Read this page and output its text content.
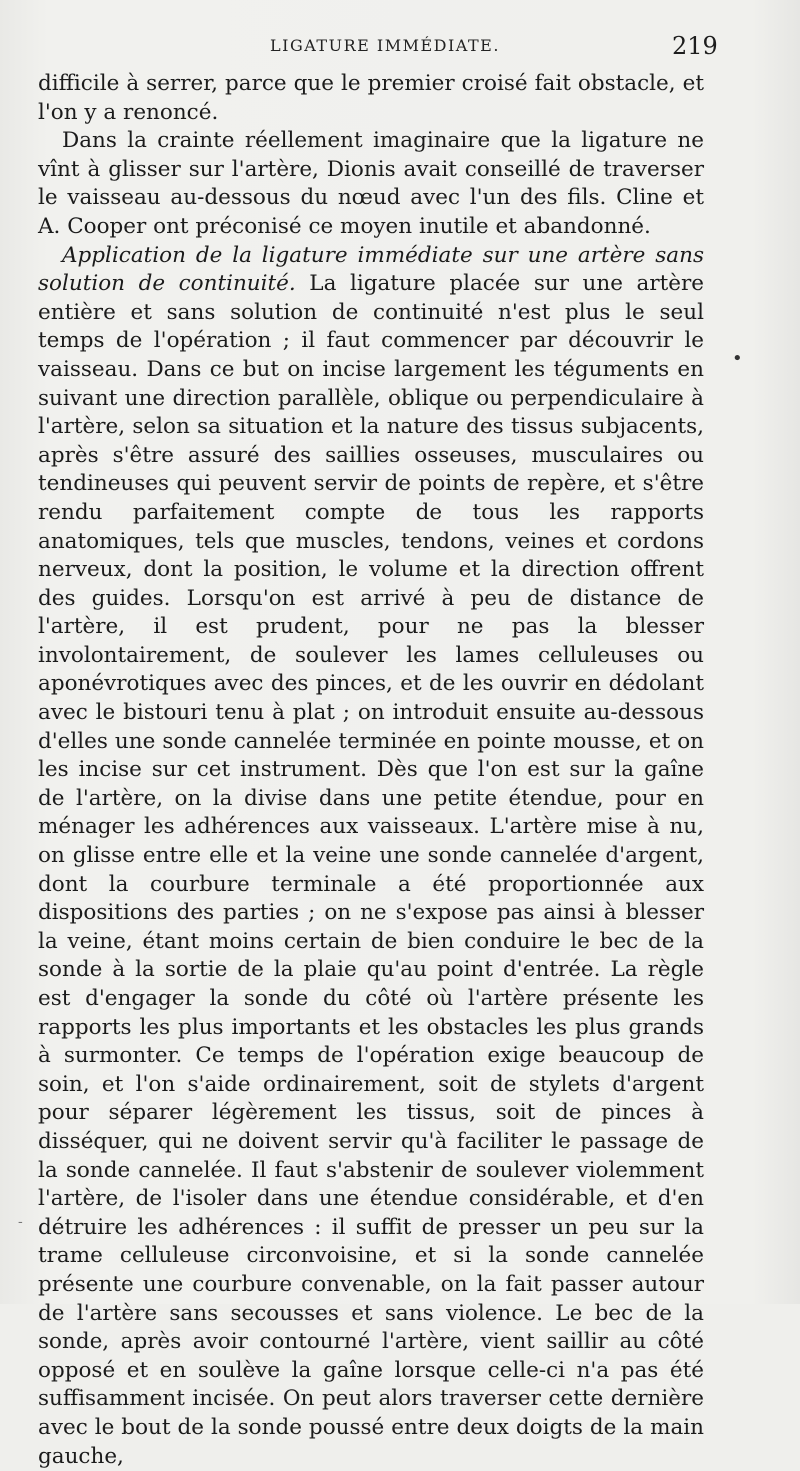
LIGATURE IMMÉDIATE.	219

difficile à serrer, parce que le premier croisé fait obstacle, et l'on y a renoncé.

Dans la crainte réellement imaginaire que la ligature ne vînt à glisser sur l'artère, Dionis avait conseillé de traverser le vaisseau au-dessous du nœud avec l'un des fils. Cline et A. Cooper ont préconisé ce moyen inutile et abandonné.

Application de la ligature immédiate sur une artère sans solution de continuité. La ligature placée sur une artère entière et sans solution de continuité n'est plus le seul temps de l'opération ; il faut commencer par découvrir le vaisseau. Dans ce but on incise largement les téguments en suivant une direction parallèle, oblique ou perpendiculaire à l'artère, selon sa situation et la nature des tissus subjacents, après s'être assuré des saillies osseuses, musculaires ou tendineuses qui peuvent servir de points de repère, et s'être rendu parfaitement compte de tous les rapports anatomiques, tels que muscles, tendons, veines et cordons nerveux, dont la position, le volume et la direction offrent des guides. Lorsqu'on est arrivé à peu de distance de l'artère, il est prudent, pour ne pas la blesser involontairement, de soulever les lames celluleuses ou aponévrotiques avec des pinces, et de les ouvrir en dédolant avec le bistouri tenu à plat ; on introduit ensuite au-dessous d'elles une sonde cannelée terminée en pointe mousse, et on les incise sur cet instrument. Dès que l'on est sur la gaîne de l'artère, on la divise dans une petite étendue, pour en ménager les adhérences aux vaisseaux. L'artère mise à nu, on glisse entre elle et la veine une sonde cannelée d'argent, dont la courbure terminale a été proportionnée aux dispositions des parties ; on ne s'expose pas ainsi à blesser la veine, étant moins certain de bien conduire le bec de la sonde à la sortie de la plaie qu'au point d'entrée. La règle est d'engager la sonde du côté où l'artère présente les rapports les plus importants et les obstacles les plus grands à surmonter. Ce temps de l'opération exige beaucoup de soin, et l'on s'aide ordinairement, soit de stylets d'argent pour séparer légèrement les tissus, soit de pinces à disséquer, qui ne doivent servir qu'à faciliter le passage de la sonde cannelée. Il faut s'abstenir de soulever violemment l'artère, de l'isoler dans une étendue considérable, et d'en détruire les adhérences : il suffit de presser un peu sur la trame celluleuse circonvoisine, et si la sonde cannelée présente une courbure convenable, on la fait passer autour de l'artère sans secousses et sans violence. Le bec de la sonde, après avoir contourné l'artère, vient saillir au côté opposé et en soulève la gaîne lorsque celle-ci n'a pas été suffisamment incisée. On peut alors traverser cette dernière avec le bout de la sonde poussé entre deux doigts de la main gauche,

•
-
